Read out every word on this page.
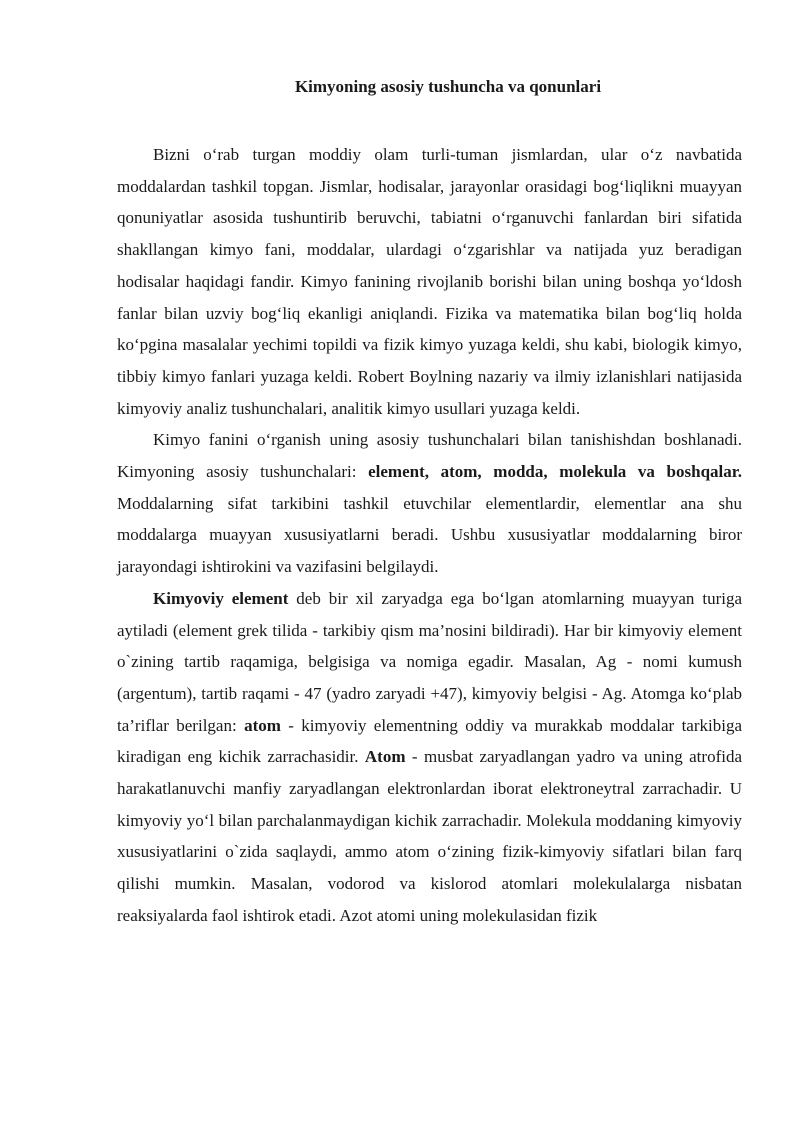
Kimyoning asosiy tushuncha va qonunlari

Bizni o‘rab turgan moddiy olam turli-tuman jismlardan, ular o‘z navbatida moddalardan tashkil topgan. Jismlar, hodisalar, jarayonlar orasidagi bog‘liqlikni muayyan qonuniyatlar asosida tushuntirib beruvchi, tabiatni o‘rganuvchi fanlardan biri sifatida shakllangan kimyo fani, moddalar, ulardagi o‘zgarishlar va natijada yuz beradigan hodisalar haqidagi fandir. Kimyo fanining rivojlanib borishi bilan uning boshqa yo‘ldosh fanlar bilan uzviy bog‘liq ekanligi aniqlandi. Fizika va matematika bilan bog‘liq holda ko‘pgina masalalar yechimi topildi va fizik kimyo yuzaga keldi, shu kabi, biologik kimyo, tibbiy kimyo fanlari yuzaga keldi. Robert Boylning nazariy va ilmiy izlanishlari natijasida kimyoviy analiz tushunchalari, analitik kimyo usullari yuzaga keldi.

Kimyo fanini o‘rganish uning asosiy tushunchalari bilan tanishishdan boshlanadi. Kimyoning asosiy tushunchalari: element, atom, modda, molekula va boshqalar. Moddalarning sifat tarkibini tashkil etuvchilar elementlardir, elementlar ana shu moddalarga muayyan xususiyatlarni beradi. Ushbu xususiyatlar moddalarning biror jarayondagi ishtirokini va vazifasini belgilaydi.

Kimyoviy element deb bir xil zaryadga ega bo‘lgan atomlarning muayyan turiga aytiladi (element grek tilida - tarkibiy qism ma’nosini bildiradi). Har bir kimyoviy element o`zining tartib raqamiga, belgisiga va nomiga egadir. Masalan, Ag - nomi kumush (argentum), tartib raqami - 47 (yadro zaryadi +47), kimyoviy belgisi - Ag. Atomga ko‘plab ta’riflar berilgan: atom - kimyoviy elementning oddiy va murakkab moddalar tarkibiga kiradigan eng kichik zarrachasidir. Atom - musbat zaryadlangan yadro va uning atrofida harakatlanuvchi manfiy zaryadlangan elektronlardan iborat elektroneytral zarrachadir. U kimyoviy yo‘l bilan parchalanmaydigan kichik zarrachadir. Molekula moddaning kimyoviy xususiyatlarini o`zida saqlaydi, ammo atom o‘zining fizik-kimyoviy sifatlari bilan farq qilishi mumkin. Masalan, vodorod va kislorod atomlari molekulalarga nisbatan reaksiyalarda faol ishtirok etadi. Azot atomi uning molekulasidan fizik
